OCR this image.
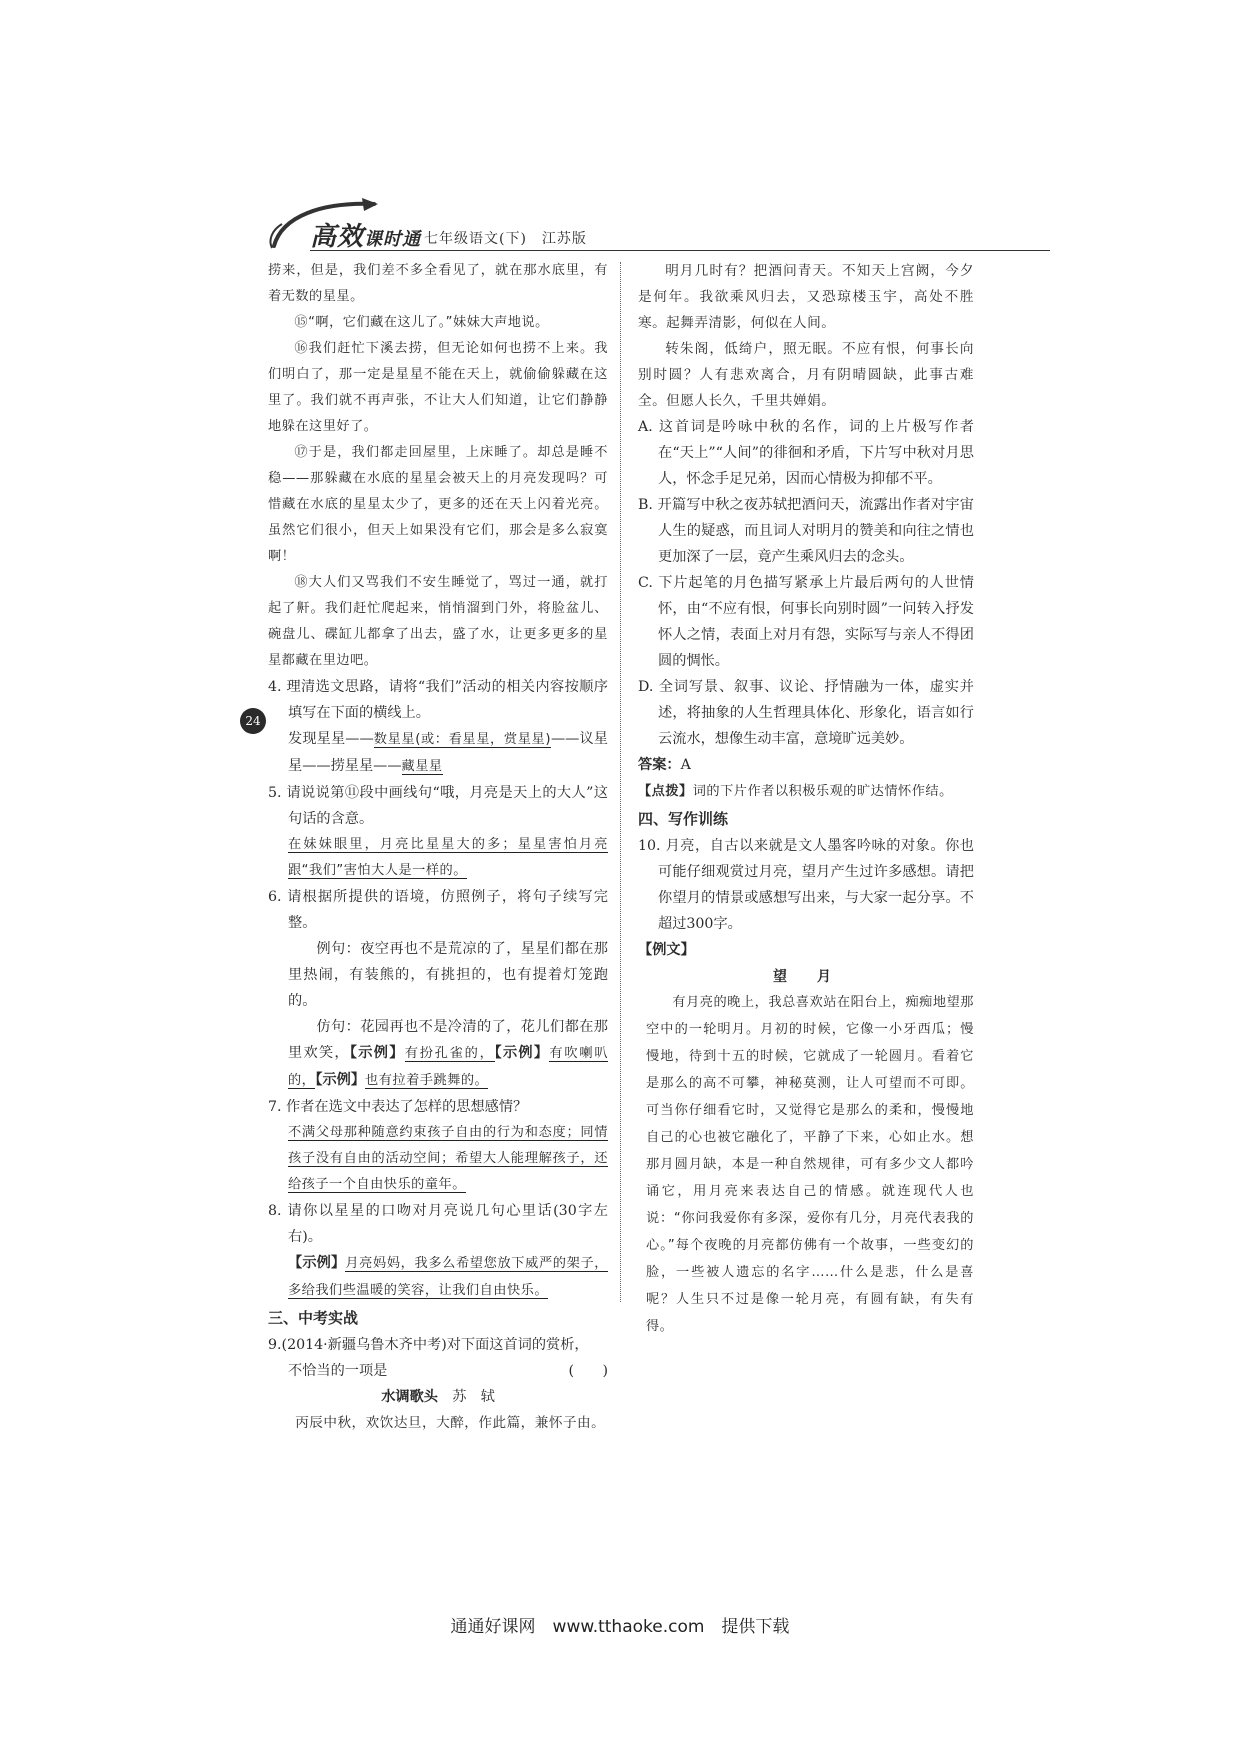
高效课时通 七年级语文(下)　江苏版
24

捞来，但是，我们差不多全看见了，就在那水底里，有着无数的星星。

⑮“啊，它们藏在这儿了。”妹妹大声地说。

⑯我们赶忙下溪去捞，但无论如何也捞不上来。我们明白了，那一定是星星不能在天上，就偷偷躲藏在这里了。我们就不再声张，不让大人们知道，让它们静静地躲在这里好了。

⑰于是，我们都走回屋里，上床睡了。却总是睡不稳——那躲藏在水底的星星会被天上的月亮发现吗？可惜藏在水底的星星太少了，更多的还在天上闪着光亮。虽然它们很小，但天上如果没有它们，那会是多么寂寞啊！

⑱大人们又骂我们不安生睡觉了，骂过一通，就打起了鼾。我们赶忙爬起来，悄悄溜到门外，将脸盆儿、碗盘儿、碟缸儿都拿了出去，盛了水，让更多更多的星星都藏在里边吧。

4. 理清选文思路，请将“我们”活动的相关内容按顺序填写在下面的横线上。

发现星星——数星星(或：看星星，赏星星)——议星星——捞星星——藏星星

5. 请说说第⑪段中画线句“哦，月亮是天上的大人”这句话的含意。

在妹妹眼里，月亮比星星大的多；星星害怕月亮跟“我们”害怕大人是一样的。

6. 请根据所提供的语境，仿照例子，将句子续写完整。

例句：夜空再也不是荒凉的了，星星们都在那里热闹，有装熊的，有挑担的，也有提着灯笼跑的。

仿句：花园再也不是冷清的了，花儿们都在那里欢笑，【示例】有扮孔雀的，【示例】有吹喇叭的，【示例】也有拉着手跳舞的。

7. 作者在选文中表达了怎样的思想感情？

不满父母那种随意约束孩子自由的行为和态度；同情孩子没有自由的活动空间；希望大人能理解孩子，还给孩子一个自由快乐的童年。

8. 请你以星星的口吻对月亮说几句心里话(30字左右)。

【示例】月亮妈妈，我多么希望您放下威严的架子，多给我们些温暖的笑容，让我们自由快乐。

三、中考实战

9.(2014·新疆乌鲁木齐中考)对下面这首词的赏析，

不恰当的一项是	(　　)

水调歌头　 苏　轼

丙辰中秋，欢饮达旦，大醉，作此篇，兼怀子由。

明月几时有？把酒问青天。不知天上宫阙，今夕是何年。我欲乘风归去，又恐琼楼玉宇，高处不胜寒。起舞弄清影，何似在人间。

转朱阁，低绮户，照无眠。不应有恨，何事长向别时圆？人有悲欢离合，月有阴晴圆缺，此事古难全。但愿人长久，千里共婵娟。

A. 这首词是吟咏中秋的名作，词的上片极写作者在“天上”“人间”的徘徊和矛盾，下片写中秋对月思人，怀念手足兄弟，因而心情极为抑郁不平。

B. 开篇写中秋之夜苏轼把酒问天，流露出作者对宇宙人生的疑惑，而且词人对明月的赞美和向往之情也更加深了一层，竟产生乘风归去的念头。

C. 下片起笔的月色描写紧承上片最后两句的人世情怀，由“不应有恨，何事长向别时圆”一问转入抒发怀人之情，表面上对月有怨，实际写与亲人不得团圆的惆怅。

D. 全词写景、叙事、议论、抒情融为一体，虚实并述，将抽象的人生哲理具体化、形象化，语言如行云流水，想像生动丰富，意境旷远美妙。

答案：A

【点拨】词的下片作者以积极乐观的旷达情怀作结。

四、写作训练

10. 月亮，自古以来就是文人墨客吟咏的对象。你也可能仔细观赏过月亮，望月产生过许多感想。请把你望月的情景或感想写出来，与大家一起分享。不超过300字。

【例文】

望　月

有月亮的晚上，我总喜欢站在阳台上，痴痴地望那空中的一轮明月。月初的时候，它像一小牙西瓜；慢慢地，待到十五的时候，它就成了一轮圆月。看着它是那么的高不可攀，神秘莫测，让人可望而不可即。可当你仔细看它时，又觉得它是那么的柔和，慢慢地自己的心也被它融化了，平静了下来，心如止水。想那月圆月缺，本是一种自然规律，可有多少文人都吟诵它，用月亮来表达自己的情感。就连现代人也说：“你问我爱你有多深，爱你有几分，月亮代表我的心。”每个夜晚的月亮都仿佛有一个故事，一些变幻的脸，一些被人遗忘的名字……什么是悲，什么是喜呢？人生只不过是像一轮月亮，有圆有缺，有失有得。

通通好课网　www.tthaoke.com　提供下载
